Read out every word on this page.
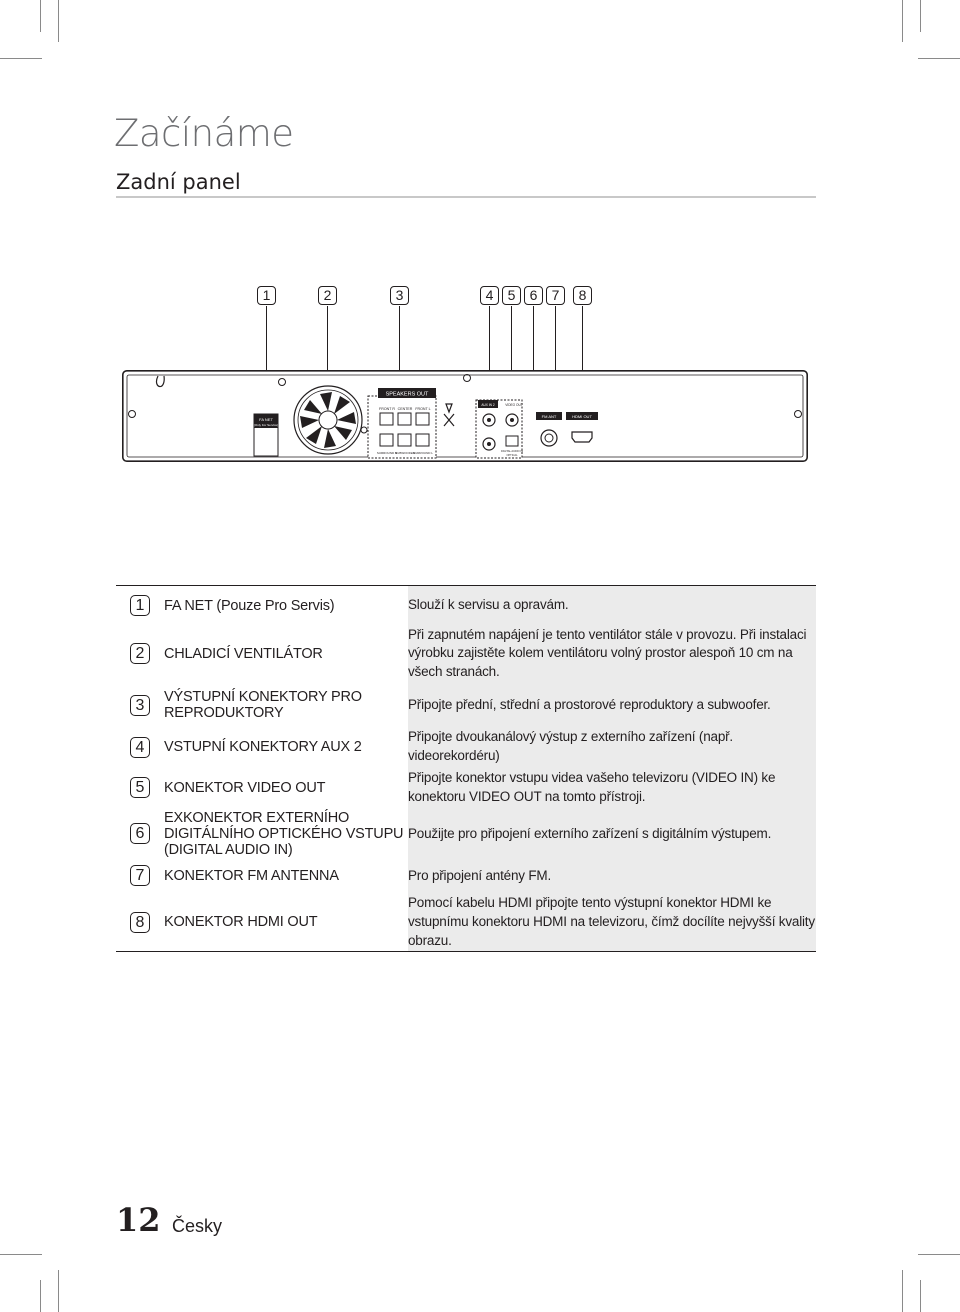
Začínáme
Zadní panel
1	2	3	4	5	6	7	8
FA NET
(Only For Service)
SPEAKERS OUT
FRONT R CENTER FRONT L
SURROUND R
SUBWOOFER
SURROUND L
AUX IN 2	VIDEO OUT
DIGITAL AUDIO IN
OPTICAL
FM ANT	HDMI OUT
1	FA NET (Pouze Pro Servis)	Slouží k servisu a opravám.
2	CHLADICÍ VENTILÁTOR	Při zapnutém napájení je tento ventilátor stále v provozu. Při instalaci výrobku zajistěte kolem ventilátoru volný prostor alespoň 10 cm na všech stranách.
3	VÝSTUPNÍ KONEKTORY PRO REPRODUKTORY	Připojte přední, střední a prostorové reproduktory a subwoofer.
4	VSTUPNÍ KONEKTORY AUX 2	Připojte dvoukanálový výstup z externího zařízení (např. videorekordéru)
5	KONEKTOR VIDEO OUT	Připojte konektor vstupu videa vašeho televizoru (VIDEO IN) ke konektoru VIDEO OUT na tomto přístroji.
6	EXKONEKTOR EXTERNÍHO DIGITÁLNÍHO OPTICKÉHO VSTUPU (DIGITAL AUDIO IN)	Použijte pro připojení externího zařízení s digitálním výstupem.
7	KONEKTOR FM ANTENNA	Pro připojení antény FM.
8	KONEKTOR HDMI OUT	Pomocí kabelu HDMI připojte tento výstupní konektor HDMI ke vstupnímu konektoru HDMI na televizoru, čímž docílíte nejvyšší kvality obrazu.
12 Česky
